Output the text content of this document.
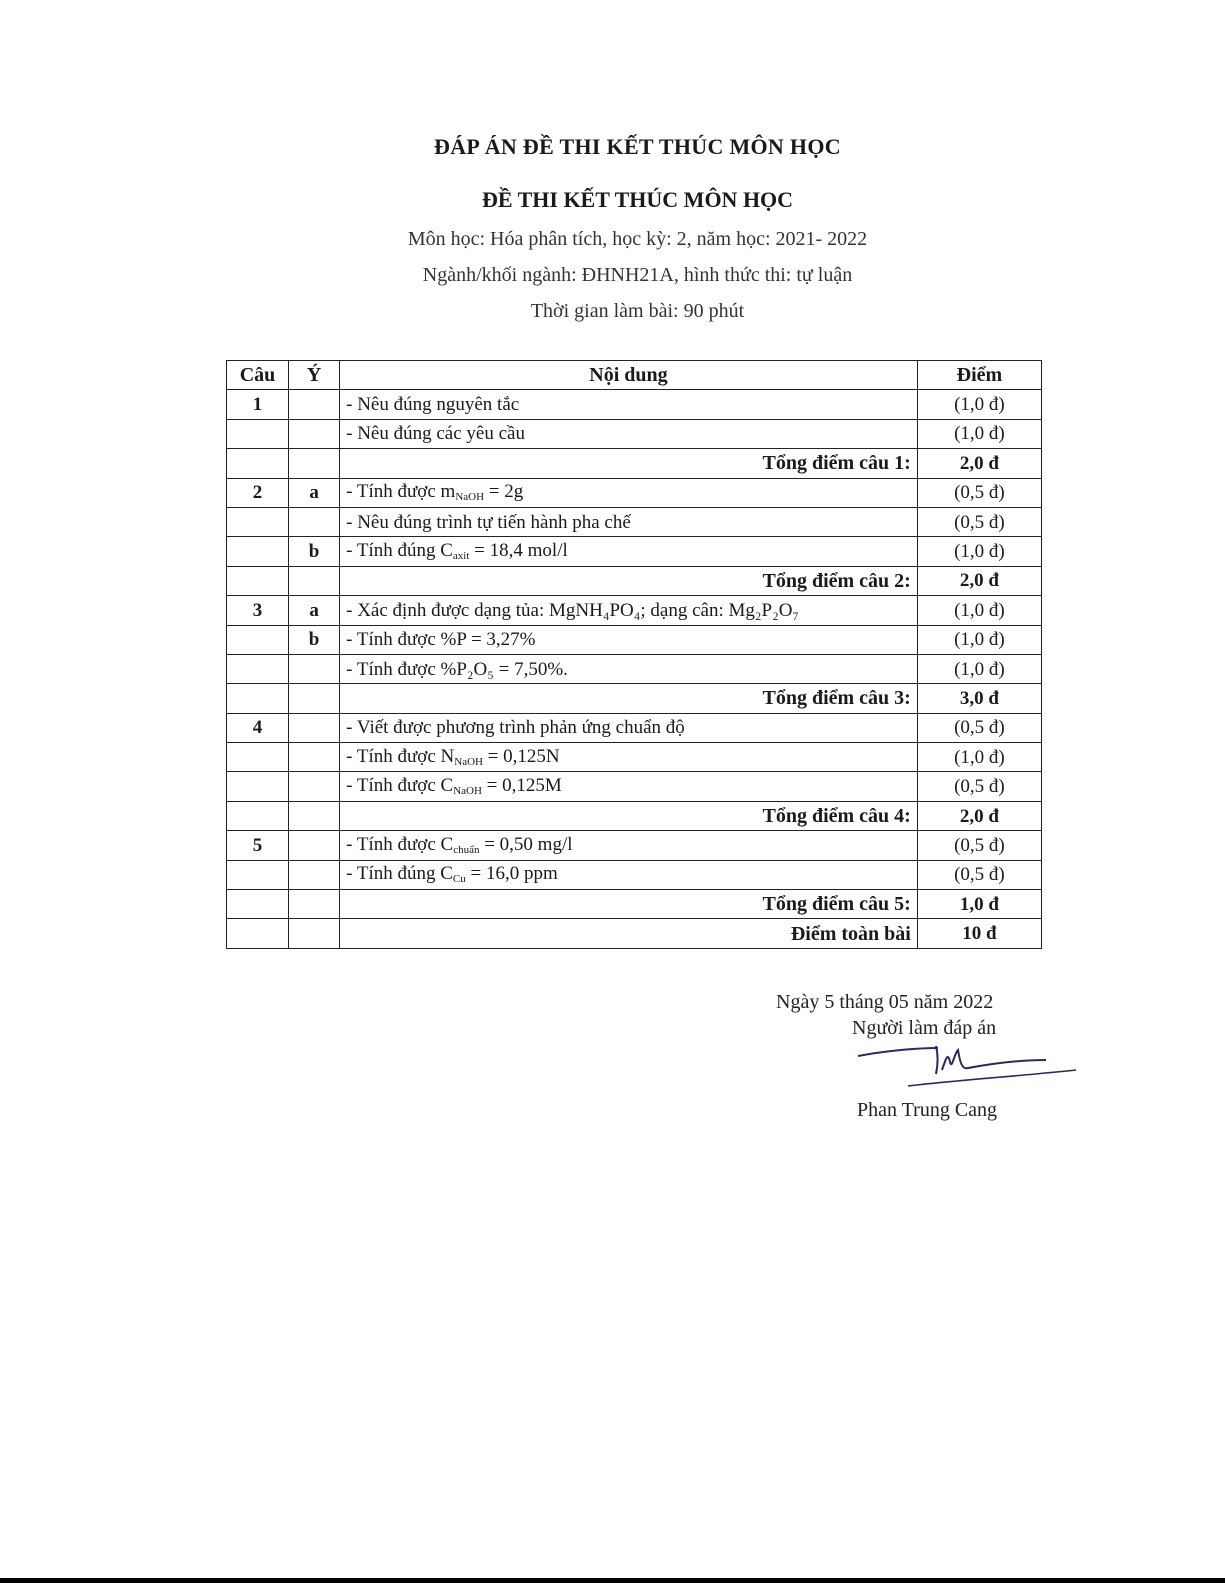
ĐÁP ÁN ĐỀ THI KẾT THÚC MÔN HỌC
ĐỀ THI KẾT THÚC MÔN HỌC
Môn học: Hóa phân tích, học kỳ: 2, năm học: 2021- 2022
Ngành/khối ngành: ĐHNH21A, hình thức thi: tự luận
Thời gian làm bài: 90 phút
Câu	Ý	Nội dung	Điểm
1		- Nêu đúng nguyên tắc	(1,0 đ)
		- Nêu đúng các yêu cầu	(1,0 đ)
		Tổng điểm câu 1:	2,0 đ
2	a	- Tính được $m_{NaOH} = 2g$	(0,5 đ)
		- Nêu đúng trình tự tiến hành pha chế	(0,5 đ)
	b	- Tính đúng $C_{axit} = 18,4$ mol/l	(1,0 đ)
		Tổng điểm câu 2:	2,0 đ
3	a	- Xác định được dạng tủa: MgNH₄PO₄; dạng cân: Mg₂P₂O₇	(1,0 đ)
	b	- Tính được %P = 3,27%	(1,0 đ)
		- Tính được %P₂O₅ = 7,50%.	(1,0 đ)
		Tổng điểm câu 3:	3,0 đ
4		- Viết được phương trình phản ứng chuẩn độ	(0,5 đ)
		- Tính được $N_{NaOH} = 0,125N$	(1,0 đ)
		- Tính được $C_{NaOH} = 0,125M$	(0,5 đ)
		Tổng điểm câu 4:	2,0 đ
5		- Tính được $C_{chuẩn} = 0,50$ mg/l	(0,5 đ)
		- Tính đúng $C_{Cu} = 16,0$ ppm	(0,5 đ)
		Tổng điểm câu 5:	1,0 đ
		Điểm toàn bài	10 đ
Ngày 5 tháng 05 năm 2022
Người làm đáp án
Phan Trung Cang
